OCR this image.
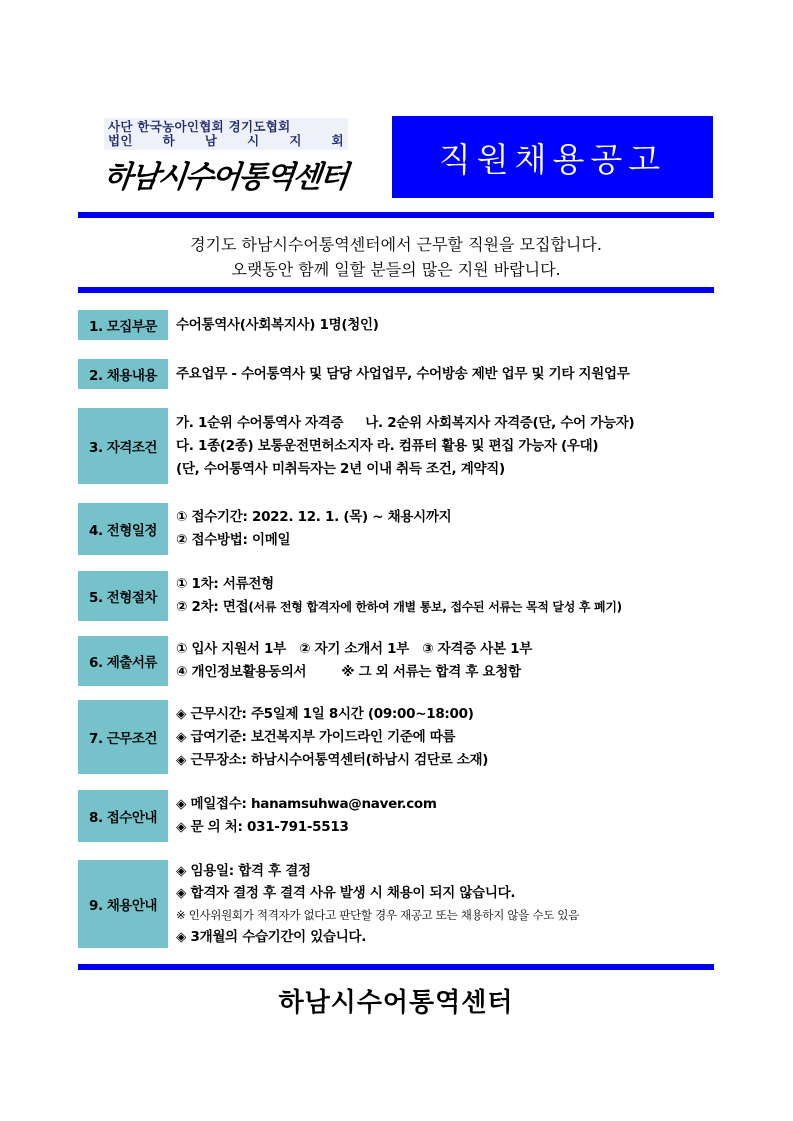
사단 한국농아인협회 경기도협회
법인 하 남 시 지 회
하남시수어통역센터	직원채용공고
경기도 하남시수어통역센터에서 근무할 직원을 모집합니다.
오랫동안 함께 일할 분들의 많은 지원 바랍니다.
1. 모집부문	수어통역사(사회복지사) 1명(청인)
2. 채용내용	주요업무 - 수어통역사 및 담당 사업업무, 수어방송 제반 업무 및 기타 지원업무
3. 자격조건
가. 1순위 수어통역사 자격증     나. 2순위 사회복지사 자격증(단, 수어 가능자)
다. 1종(2종) 보통운전면허소지자 라. 컴퓨터 활용 및 편집 가능자 (우대)
(단, 수어통역사 미취득자는 2년 이내 취득 조건, 계약직)
4. 전형일정
① 접수기간: 2022. 12. 1. (목) ~ 채용시까지
② 접수방법: 이메일
5. 전형절차
① 1차: 서류전형
② 2차: 면접(서류 전형 합격자에 한하여 개별 통보, 접수된 서류는 목적 달성 후 폐기)
6. 제출서류
① 입사 지원서 1부   ② 자기 소개서 1부   ③ 자격증 사본 1부
④ 개인정보활용동의서        ※ 그 외 서류는 합격 후 요청함
7. 근무조건
◈ 근무시간: 주5일제 1일 8시간 (09:00~18:00)
◈ 급여기준: 보건복지부 가이드라인 기준에 따름
◈ 근무장소: 하남시수어통역센터(하남시 검단로 소재)
8. 접수안내
◈ 메일접수: hanamsuhwa@naver.com
◈ 문 의 처: 031-791-5513
9. 채용안내
◈ 임용일: 합격 후 결정
◈ 합격자 결정 후 결격 사유 발생 시 채용이 되지 않습니다.
※ 인사위원회가 적격자가 없다고 판단할 경우 재공고 또는 채용하지 않을 수도 있음
◈ 3개월의 수습기간이 있습니다.
하남시수어통역센터
